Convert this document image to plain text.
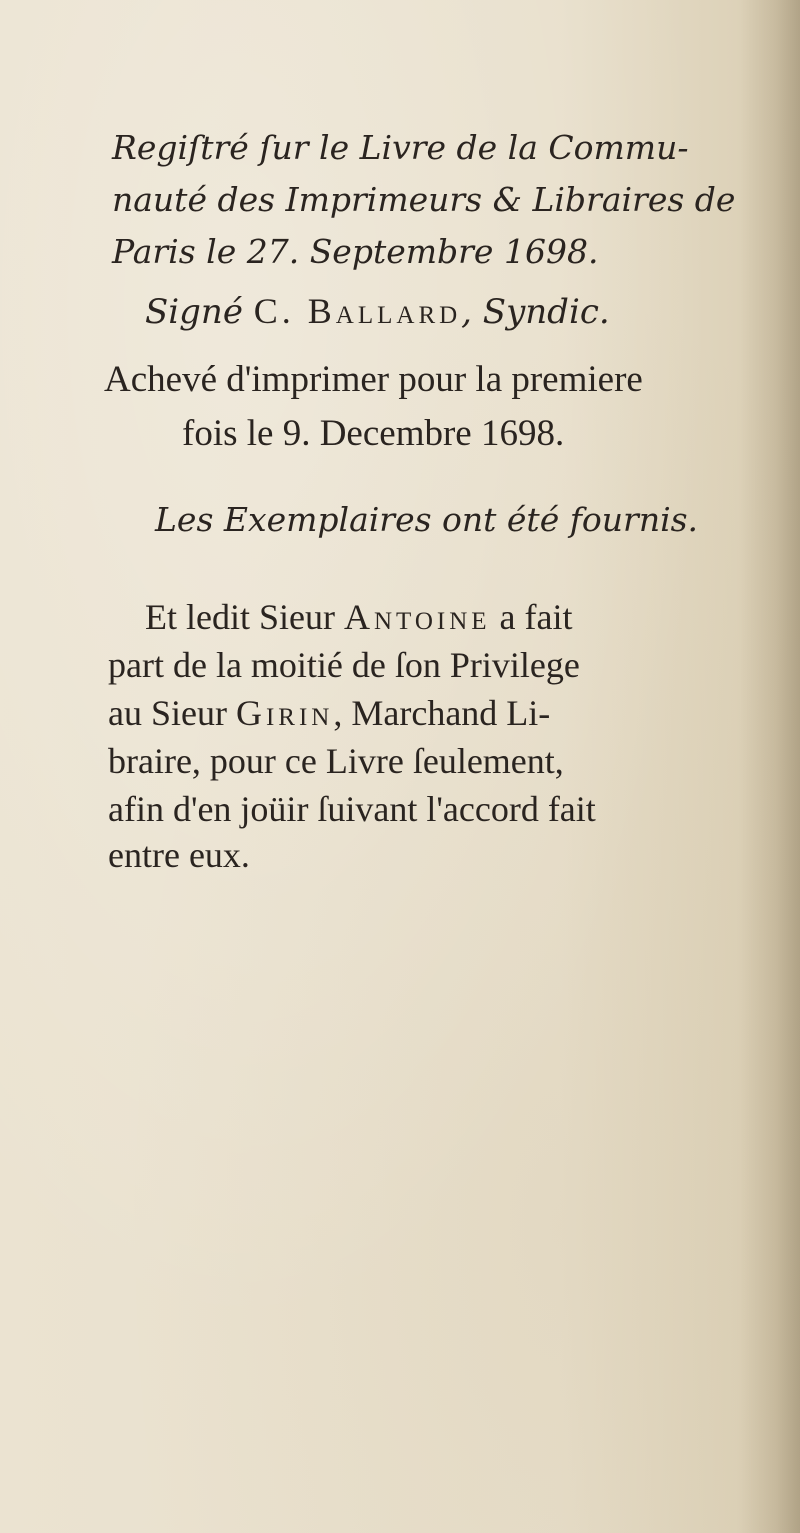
Regiſtré ſur le Livre de la Commu-
nauté des Imprimeurs & Libraires de
Paris le 27. Septembre 1698.
Signé C. Ballard, Syndic.
Achevé d'imprimer pour la premiere
fois le 9. Decembre 1698.
Les Exemplaires ont été fournis.
Et ledit Sieur Antoine a fait
part de la moitié de ſon Privilege
au Sieur Girin, Marchand Li-
braire, pour ce Livre ſeulement,
afin d'en joüir ſuivant l'accord fait
entre eux.
